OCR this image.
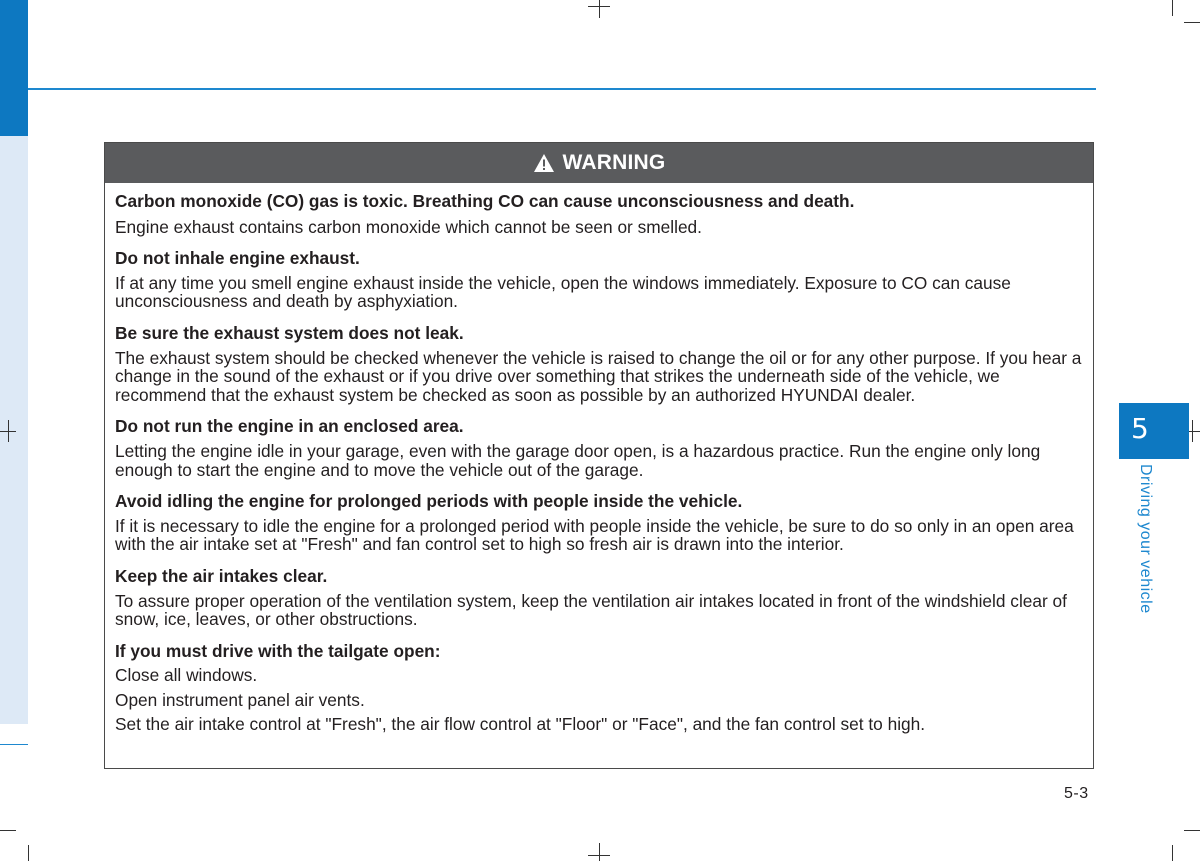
WARNING

Carbon monoxide (CO) gas is toxic. Breathing CO can cause unconsciousness and death.

Engine exhaust contains carbon monoxide which cannot be seen or smelled.

Do not inhale engine exhaust.

If at any time you smell engine exhaust inside the vehicle, open the windows immediately. Exposure to CO can cause unconsciousness and death by asphyxiation.

Be sure the exhaust system does not leak.

The exhaust system should be checked whenever the vehicle is raised to change the oil or for any other purpose. If you hear a change in the sound of the exhaust or if you drive over something that strikes the underneath side of the vehicle, we recommend that the exhaust system be checked as soon as possible by an authorized HYUNDAI dealer.

Do not run the engine in an enclosed area.

Letting the engine idle in your garage, even with the garage door open, is a hazardous practice. Run the engine only long enough to start the engine and to move the vehicle out of the garage.

Avoid idling the engine for prolonged periods with people inside the vehicle.

If it is necessary to idle the engine for a prolonged period with people inside the vehicle, be sure to do so only in an open area with the air intake set at "Fresh" and fan control set to high so fresh air is drawn into the interior.

Keep the air intakes clear.

To assure proper operation of the ventilation system, keep the ventilation air intakes located in front of the windshield clear of snow, ice, leaves, or other obstructions.

If you must drive with the tailgate open:

Close all windows.

Open instrument panel air vents.

Set the air intake control at "Fresh", the air flow control at "Floor" or "Face", and the fan control set to high.

5
Driving your vehicle
5-3
